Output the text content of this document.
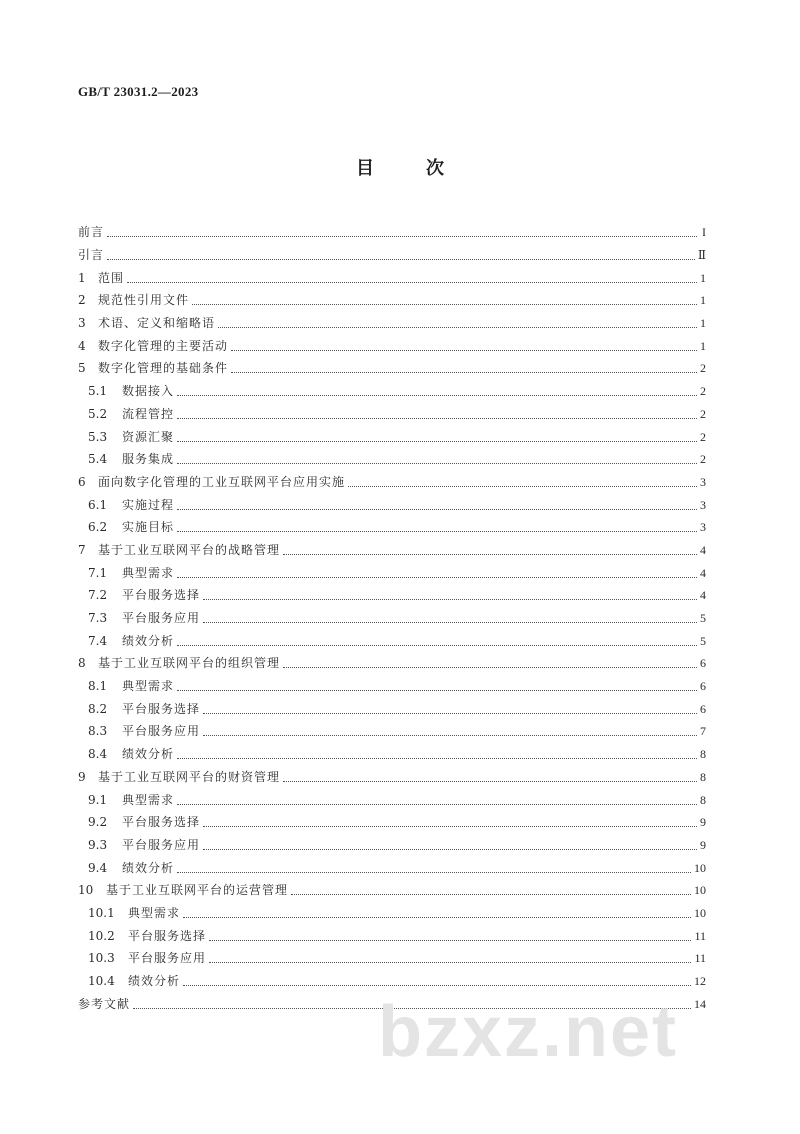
GB/T 23031.2—2023
目	次
前言	I
引言	Ⅱ
1	范围	1
2	规范性引用文件	1
3	术语、定义和缩略语	1
4	数字化管理的主要活动	1
5	数字化管理的基础条件	2
5.1	数据接入	2
5.2	流程管控	2
5.3	资源汇聚	2
5.4	服务集成	2
6	面向数字化管理的工业互联网平台应用实施	3
6.1	实施过程	3
6.2	实施目标	3
7	基于工业互联网平台的战略管理	4
7.1	典型需求	4
7.2	平台服务选择	4
7.3	平台服务应用	5
7.4	绩效分析	5
8	基于工业互联网平台的组织管理	6
8.1	典型需求	6
8.2	平台服务选择	6
8.3	平台服务应用	7
8.4	绩效分析	8
9	基于工业互联网平台的财资管理	8
9.1	典型需求	8
9.2	平台服务选择	9
9.3	平台服务应用	9
9.4	绩效分析	10
10	基于工业互联网平台的运营管理	10
10.1	典型需求	10
10.2	平台服务选择	11
10.3	平台服务应用	11
10.4	绩效分析	12
参考文献	14
bzxz.net
